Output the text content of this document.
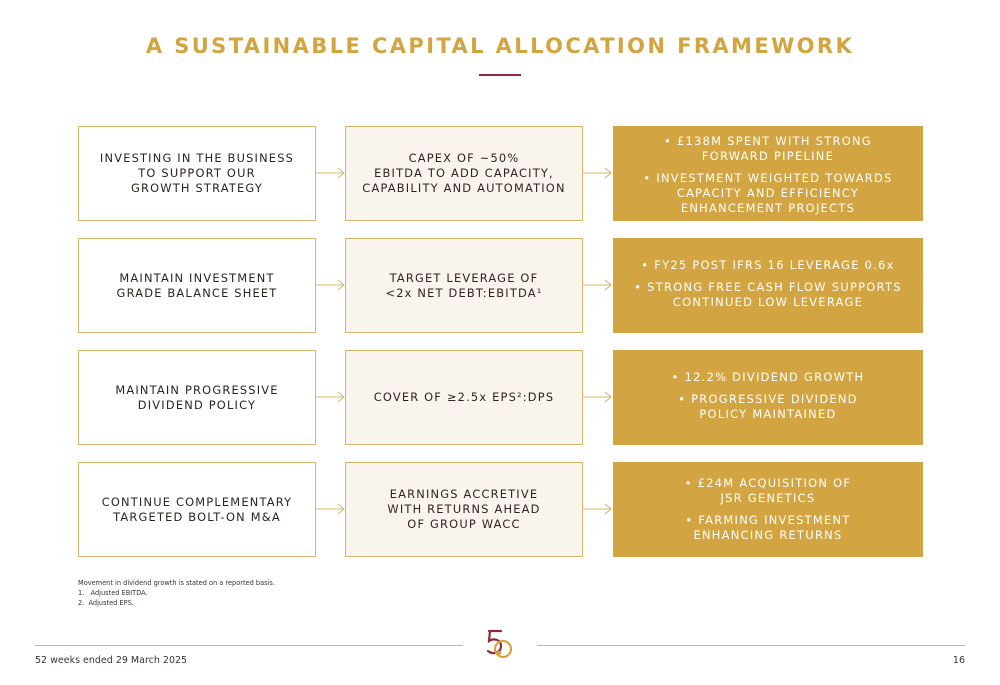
A SUSTAINABLE CAPITAL ALLOCATION FRAMEWORK
INVESTING IN THE BUSINESS
TO SUPPORT OUR
GROWTH STRATEGY
CAPEX OF ~50%
EBITDA TO ADD CAPACITY,
CAPABILITY AND AUTOMATION
• £138M SPENT WITH STRONG
FORWARD PIPELINE
• INVESTMENT WEIGHTED TOWARDS
CAPACITY AND EFFICIENCY
ENHANCEMENT PROJECTS
MAINTAIN INVESTMENT
GRADE BALANCE SHEET
TARGET LEVERAGE OF
<2x NET DEBT:EBITDA¹
• FY25 POST IFRS 16 LEVERAGE 0.6x
• STRONG FREE CASH FLOW SUPPORTS
CONTINUED LOW LEVERAGE
MAINTAIN PROGRESSIVE
DIVIDEND POLICY
COVER OF ≥2.5x EPS²:DPS
• 12.2% DIVIDEND GROWTH
• PROGRESSIVE DIVIDEND
POLICY MAINTAINED
CONTINUE COMPLEMENTARY
TARGETED BOLT-ON M&A
EARNINGS ACCRETIVE
WITH RETURNS AHEAD
OF GROUP WACC
• £24M ACQUISITION OF
JSR GENETICS
• FARMING INVESTMENT
ENHANCING RETURNS
Movement in dividend growth is stated on a reported basis.
1.   Adjusted EBITDA.
2.  Adjusted EPS.
52 weeks ended 29 March 2025	16
